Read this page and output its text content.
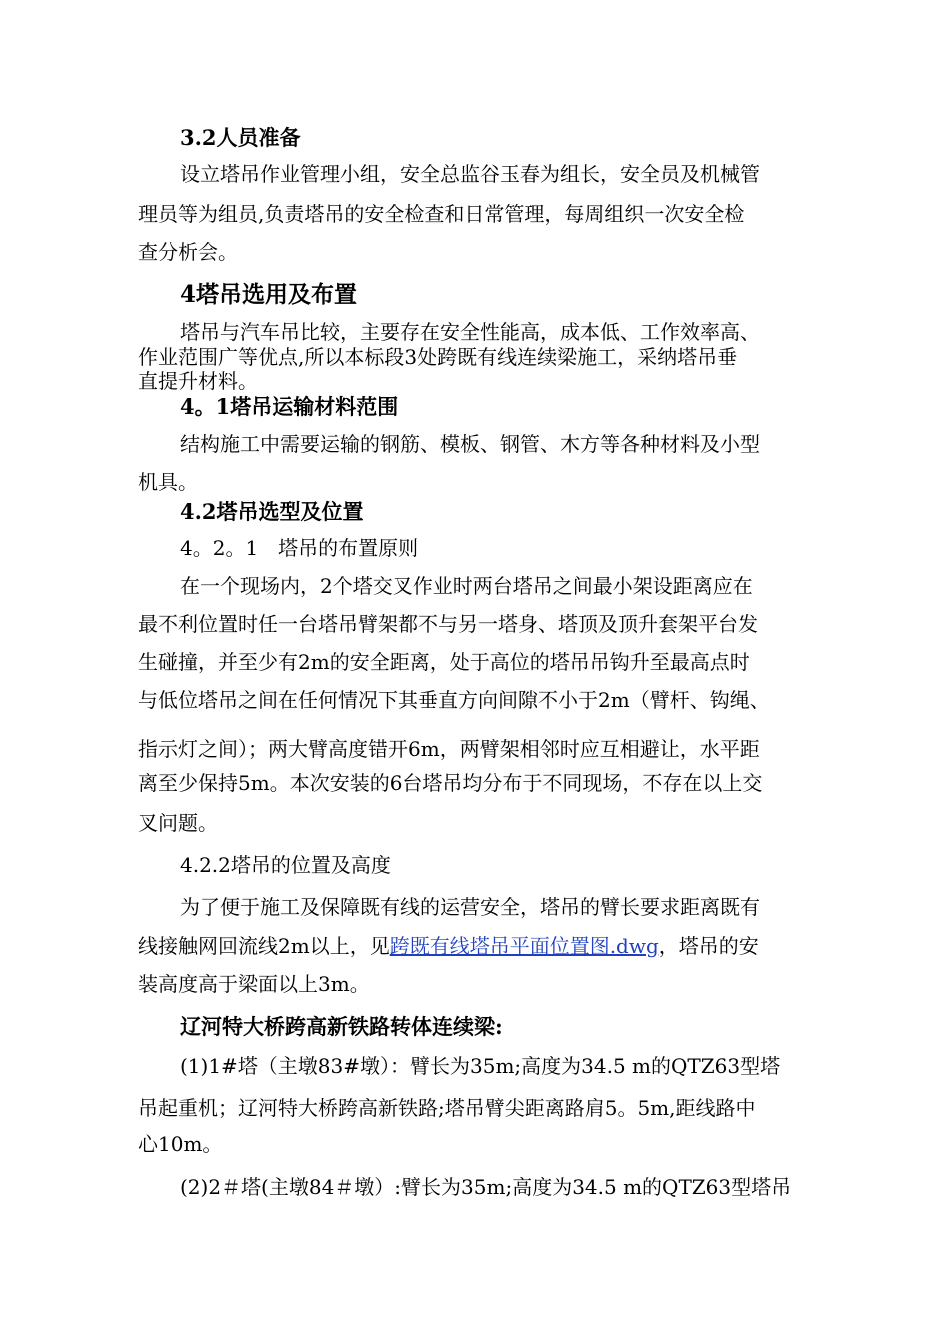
3.2人员准备
设立塔吊作业管理小组，安全总监谷玉春为组长，安全员及机械管
理员等为组员,负责塔吊的安全检查和日常管理，每周组织一次安全检
查分析会。
4塔吊选用及布置
塔吊与汽车吊比较，主要存在安全性能高，成本低、工作效率高、
作业范围广等优点,所以本标段3处跨既有线连续梁施工，采纳塔吊垂
直提升材料。
4。1塔吊运输材料范围
结构施工中需要运输的钢筋、模板、钢管、木方等各种材料及小型
机具。
4.2塔吊选型及位置
4。2。1　塔吊的布置原则
在一个现场内，2个塔交叉作业时两台塔吊之间最小架设距离应在
最不利位置时任一台塔吊臂架都不与另一塔身、塔顶及顶升套架平台发
生碰撞，并至少有2m的安全距离，处于高位的塔吊吊钩升至最高点时
与低位塔吊之间在任何情况下其垂直方向间隙不小于2m（臂杆、钩绳、
指示灯之间）；两大臂高度错开6m，两臂架相邻时应互相避让，水平距
离至少保持5m。本次安装的6台塔吊均分布于不同现场，不存在以上交
叉问题。
4.2.2塔吊的位置及高度
为了便于施工及保障既有线的运营安全，塔吊的臂长要求距离既有
线接触网回流线2m以上，见跨既有线塔吊平面位置图.dwg，塔吊的安
装高度高于梁面以上3m。
辽河特大桥跨高新铁路转体连续梁:
(1)1#塔（主墩83#墩）：臂长为35m;高度为34.5 m的QTZ63型塔
吊起重机；辽河特大桥跨高新铁路;塔吊臂尖距离路肩5。5m,距线路中
心10m。
(2)2＃塔(主墩84＃墩）:臂长为35m;高度为34.5 m的QTZ63型塔吊
